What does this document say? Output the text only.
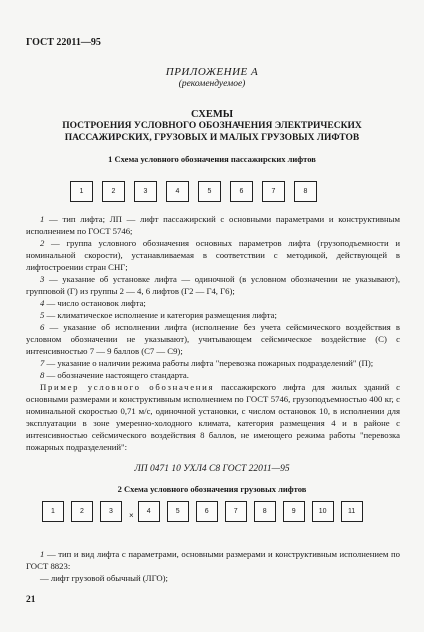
ГОСТ 22011—95
ПРИЛОЖЕНИЕ А
(рекомендуемое)
СХЕМЫ
ПОСТРОЕНИЯ УСЛОВНОГО ОБОЗНАЧЕНИЯ ЭЛЕКТРИЧЕСКИХ
ПАССАЖИРСКИХ, ГРУЗОВЫХ И МАЛЫХ ГРУЗОВЫХ ЛИФТОВ
1 Схема условного обозначения пассажирских лифтов
1	2	3	4	5	6	7	8
1 — тип лифта; ЛП — лифт пассажирский с основными параметрами и конструктивным исполнением по ГОСТ 5746;
2 — группа условного обозначения основных параметров лифта (грузоподъемности и номинальной скорости), устанавливаемая в соответствии с методикой, действующей в лифтостроении стран СНГ;
3 — указание об установке лифта — одиночной (в условном обозначении не указывают), групповой (Г) из группы 2 — 4, 6 лифтов (Г2 — Г4, Г6);
4 — число остановок лифта;
5 — климатическое исполнение и категория размещения лифта;
6 — указание об исполнении лифта (исполнение без учета сейсмического воздействия в условном обозначении не указывают), учитывающем сейсмическое воздействие (С) с интенсивностью 7 — 9 баллов (С7 — С9);
7 — указание о наличии режима работы лифта "перевозка пожарных подразделений" (П);
8 — обозначение настоящего стандарта.
Пример условного обозначения пассажирского лифта для жилых зданий с основными размерами и конструктивным исполнением по ГОСТ 5746, грузоподъемностью 400 кг, с номинальной скоростью 0,71 м/с, одиночной установки, с числом остановок 10, в исполнении для эксплуатации в зоне умеренно-холодного климата, категория размещения 4 и в районе с интенсивностью сейсмического воздействия 8 баллов, не имеющего режима работы "перевозка пожарных подразделений":
ЛП 0471 10 УХЛ4 С8 ГОСТ 22011—95
2 Схема условного обозначения грузовых лифтов
1	2	3	×	4	5	6	7	8	9	10	11
1 — тип и вид лифта с параметрами, основными размерами и конструктивным исполнением по ГОСТ 8823:
— лифт грузовой обычный (ЛГО);
21
